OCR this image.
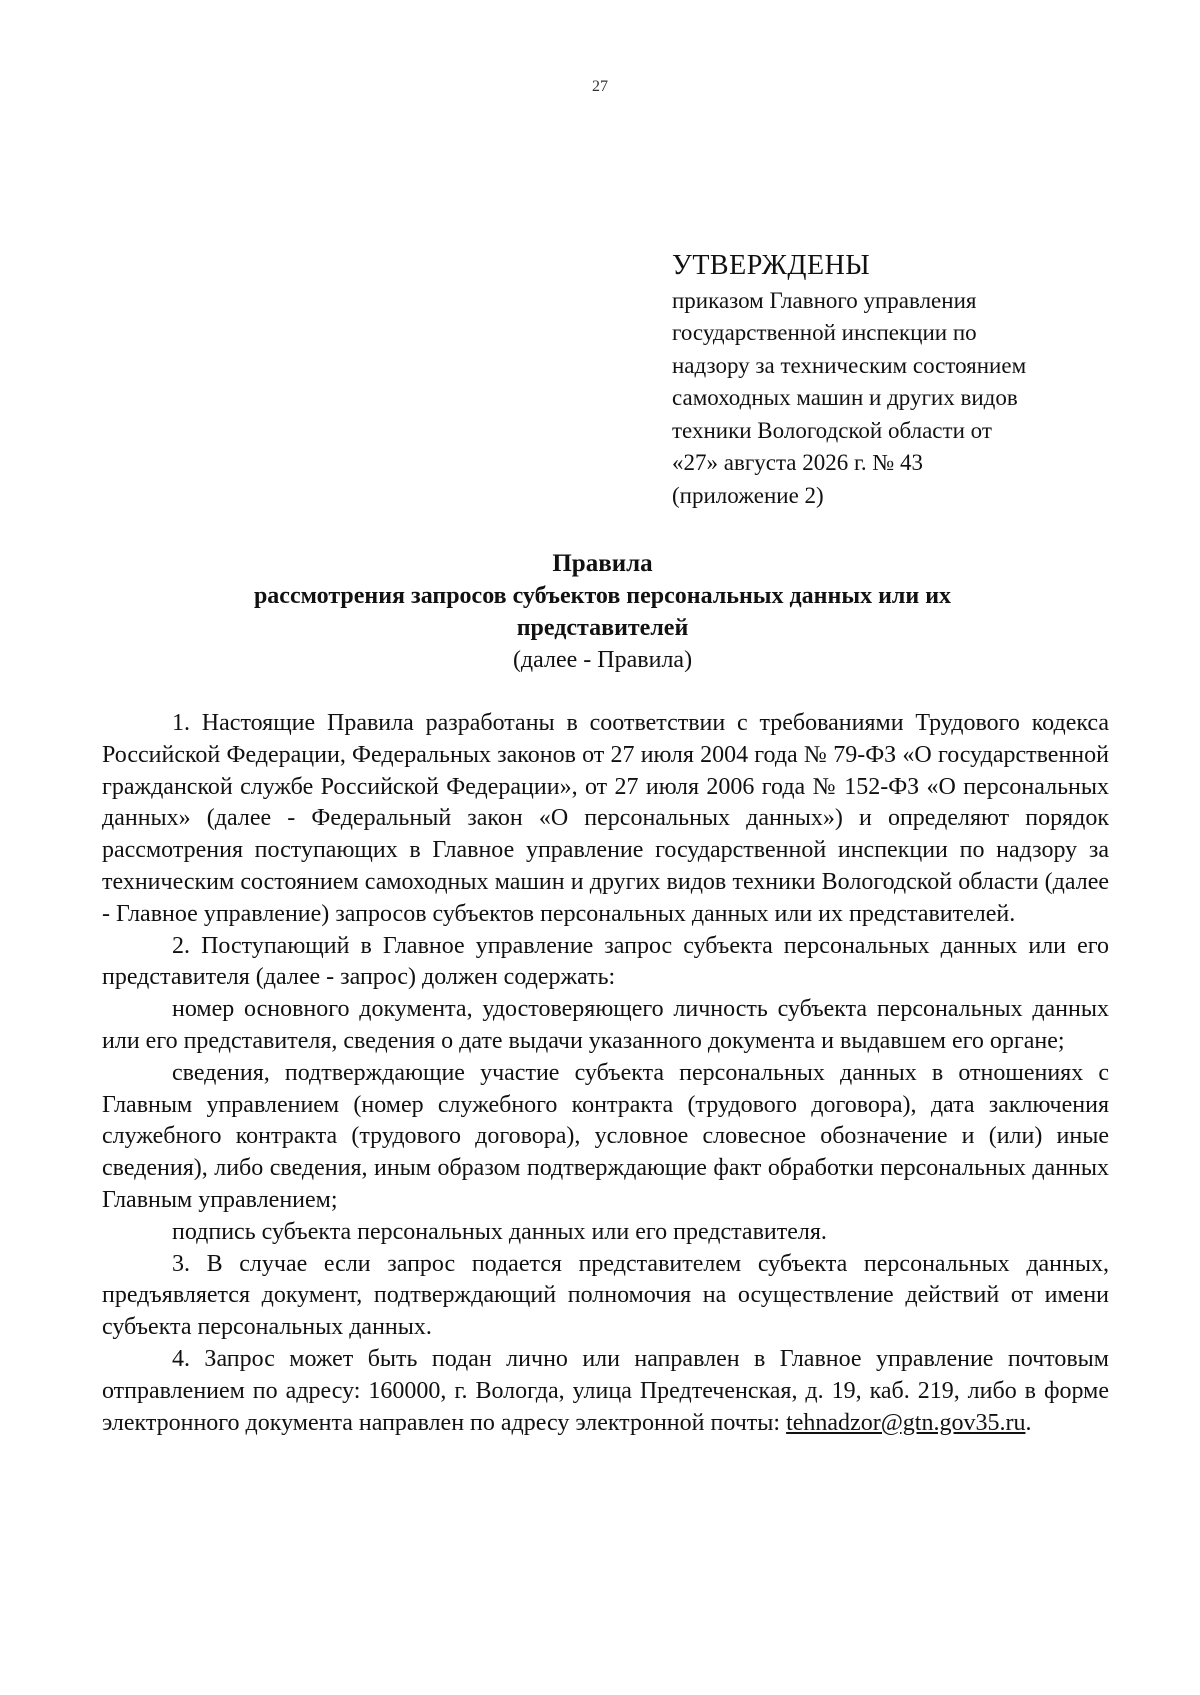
27
УТВЕРЖДЕНЫ
приказом Главного управления
государственной инспекции по
надзору за техническим состоянием
самоходных машин и других видов
техники Вологодской области от
«27» августа 2026 г. № 43
(приложение 2)
Правила
рассмотрения запросов субъектов персональных данных или их
представителей
(далее - Правила)

1. Настоящие Правила разработаны в соответствии с требованиями Трудового кодекса Российской Федерации, Федеральных законов от 27 июля 2004 года № 79-ФЗ «О государственной гражданской службе Российской Федерации», от 27 июля 2006 года № 152-ФЗ «О персональных данных» (далее - Федеральный закон «О персональных данных») и определяют порядок рассмотрения поступающих в Главное управление государственной инспекции по надзору за техническим состоянием самоходных машин и других видов техники Вологодской области (далее - Главное управление) запросов субъектов персональных данных или их представителей.

2. Поступающий в Главное управление запрос субъекта персональных данных или его представителя (далее - запрос) должен содержать:

номер основного документа, удостоверяющего личность субъекта персональных данных или его представителя, сведения о дате выдачи указанного документа и выдавшем его органе;

сведения, подтверждающие участие субъекта персональных данных в отношениях с Главным управлением (номер служебного контракта (трудового договора), дата заключения служебного контракта (трудового договора), условное словесное обозначение и (или) иные сведения), либо сведения, иным образом подтверждающие факт обработки персональных данных Главным управлением;

подпись субъекта персональных данных или его представителя.

3. В случае если запрос подается представителем субъекта персональных данных, предъявляется документ, подтверждающий полномочия на осуществление действий от имени субъекта персональных данных.

4. Запрос может быть подан лично или направлен в Главное управление почтовым отправлением по адресу: 160000, г. Вологда, улица Предтеченская, д. 19, каб. 219, либо в форме электронного документа направлен по адресу электронной почты: tehnadzor@gtn.gov35.ru.
